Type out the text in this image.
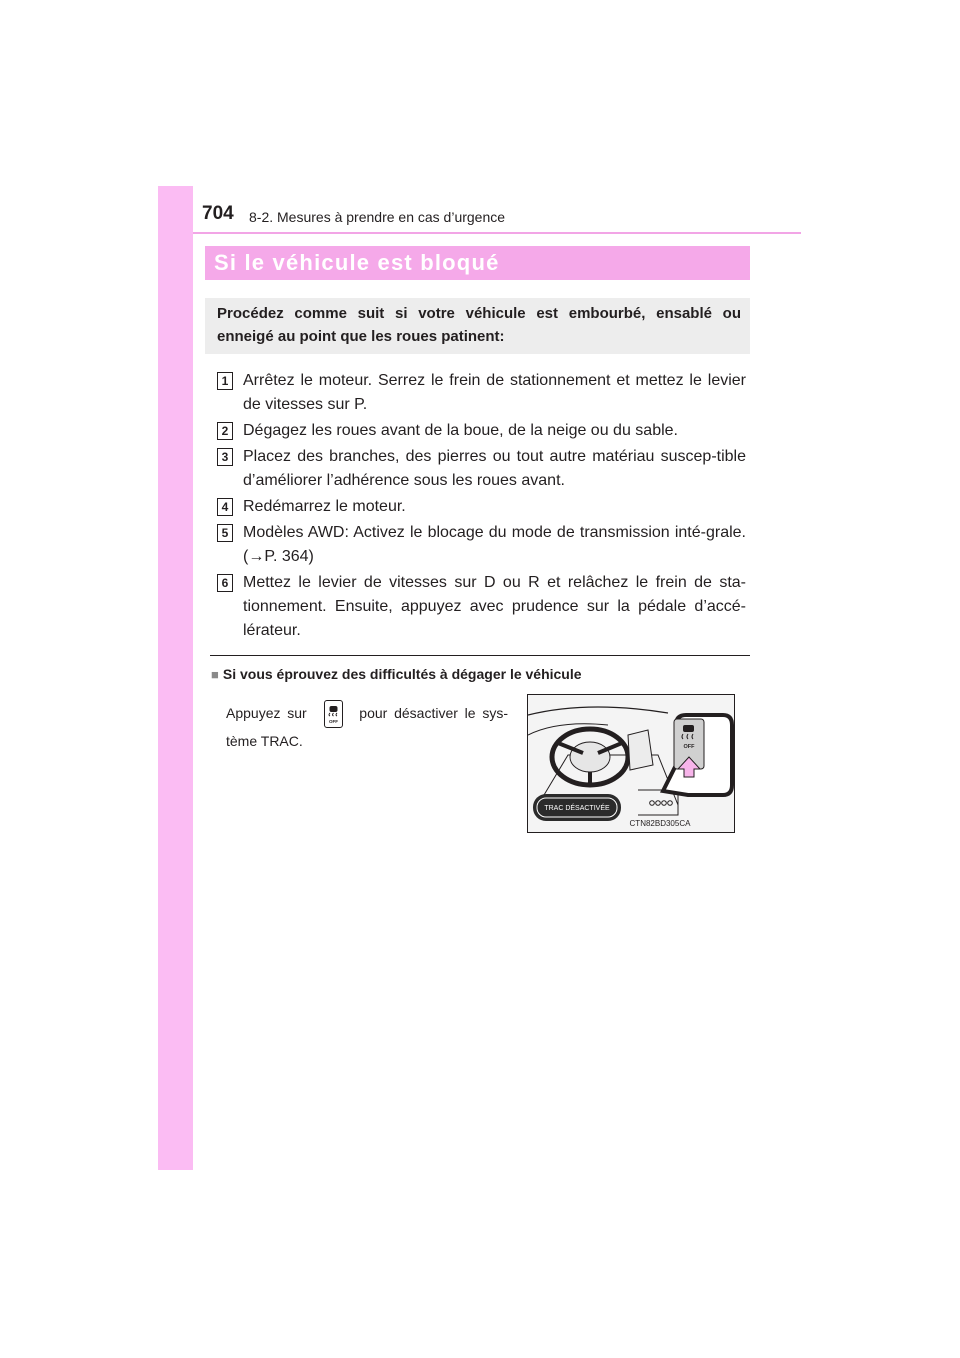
704 8-2. Mesures à prendre en cas d’urgence
Si le véhicule est bloqué
Procédez comme suit si votre véhicule est embourbé, ensablé ou enneigé au point que les roues patinent:
1 Arrêtez le moteur. Serrez le frein de stationnement et mettez le levier de vitesses sur P.
2 Dégagez les roues avant de la boue, de la neige ou du sable.
3 Placez des branches, des pierres ou tout autre matériau suscep-tible d’améliorer l’adhérence sous les roues avant.
4 Redémarrez le moteur.
5 Modèles AWD: Activez le blocage du mode de transmission inté-grale. (→P. 364)
6 Mettez le levier de vitesses sur D ou R et relâchez le frein de sta-tionnement. Ensuite, appuyez avec prudence sur la pédale d’accé-lérateur.
■ Si vous éprouvez des difficultés à dégager le véhicule
Appuyez sur
OFF
pour désactiver le sys-tème TRAC.
CTN82BD305CA
TRAC DÉSACTIVÉE
OFF
